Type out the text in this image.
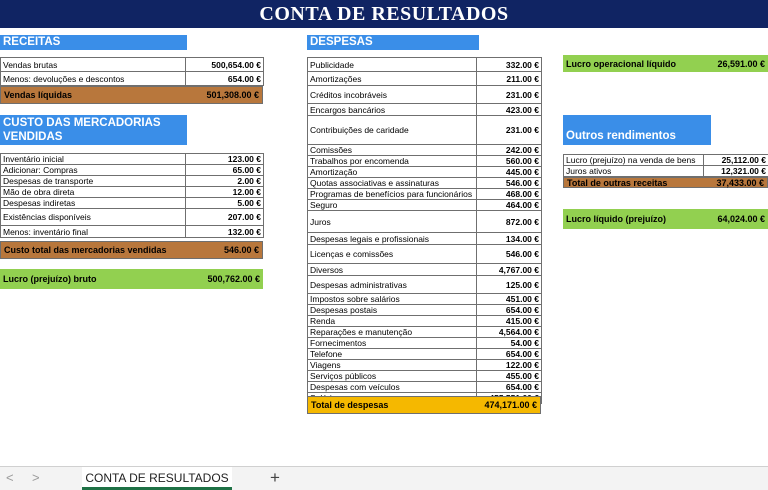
CONTA DE RESULTADOS
RECEITAS
Vendas brutas	500,654.00 €
Menos: devoluções e descontos	654.00 €
Vendas líquidas	501,308.00 €
CUSTO DAS MERCADORIAS
VENDIDAS
Inventário inicial	123.00 €
Adicionar: Compras	65.00 €
Despesas de transporte	2.00 €
Mão de obra direta	12.00 €
Despesas indiretas	5.00 €
Existências disponíveis	207.00 €
Menos: inventário final	132.00 €
Custo total das mercadorias vendidas	546.00 €
Lucro (prejuízo) bruto	500,762.00 €
DESPESAS
Publicidade	332.00 €
Amortizações	211.00 €
Créditos incobráveis	231.00 €
Encargos bancários	423.00 €
Contribuições de caridade	231.00 €
Comissões	242.00 €
Trabalhos por encomenda	560.00 €
Amortização	445.00 €
Quotas associativas e assinaturas	546.00 €
Programas de benefícios para funcionários	468.00 €
Seguro	464.00 €
Juros	872.00 €
Despesas legais e profissionais	134.00 €
Licenças e comissões	546.00 €
Diversos	4,767.00 €
Despesas administrativas	125.00 €
Impostos sobre salários	451.00 €
Despesas postais	654.00 €
Renda	415.00 €
Reparações e manutenção	4,564.00 €
Fornecimentos	54.00 €
Telefone	654.00 €
Viagens	122.00 €
Serviços públicos	455.00 €
Despesas com veículos	654.00 €

Total de despesas	474,171.00 €
Lucro operacional líquido	26,591.00 €
Outros rendimentos
Lucro (prejuízo) na venda de bens	25,112.00 €
Juros ativos	12,321.00 €
Total de outras receitas	37,433.00 €
Lucro líquido (prejuízo)	64,024.00 €
< >	CONTA DE RESULTADOS +
